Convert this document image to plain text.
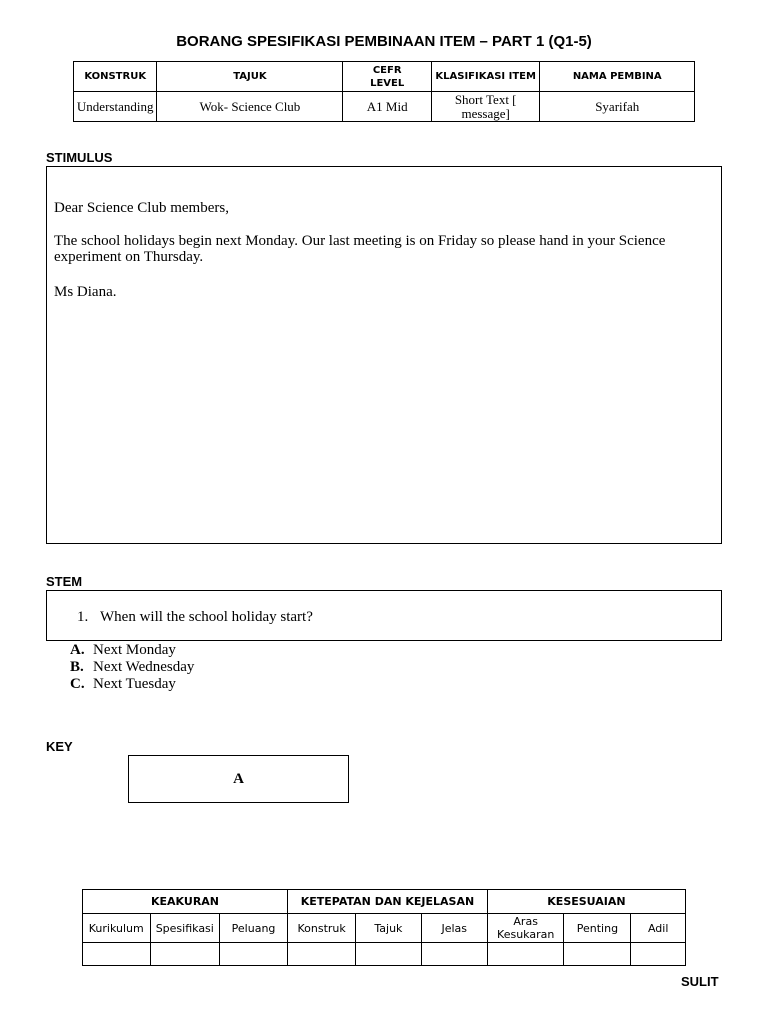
BORANG SPESIFIKASI PEMBINAAN ITEM – PART 1 (Q1-5)
KONSTRUK	TAJUK	CEFR LEVEL	KLASIFIKASI ITEM	NAMA PEMBINA
Understanding	Wok- Science Club	A1 Mid	Short Text [ message]	Syarifah
STIMULUS
Dear Science Club members,
The school holidays begin next Monday. Our last meeting is on Friday so please hand in your Science experiment on Thursday.
Ms Diana.
STEM
1. When will the school holiday start?
A. Next Monday
B. Next Wednesday
C. Next Tuesday
KEY
A
KEAKURAN			KETEPATAN DAN KEJELASAN			KESESUAIAN		
Kurikulum	Spesifikasi	Peluang	Konstruk	Tajuk	Jelas	Aras Kesukaran	Penting	Adil

SULIT
